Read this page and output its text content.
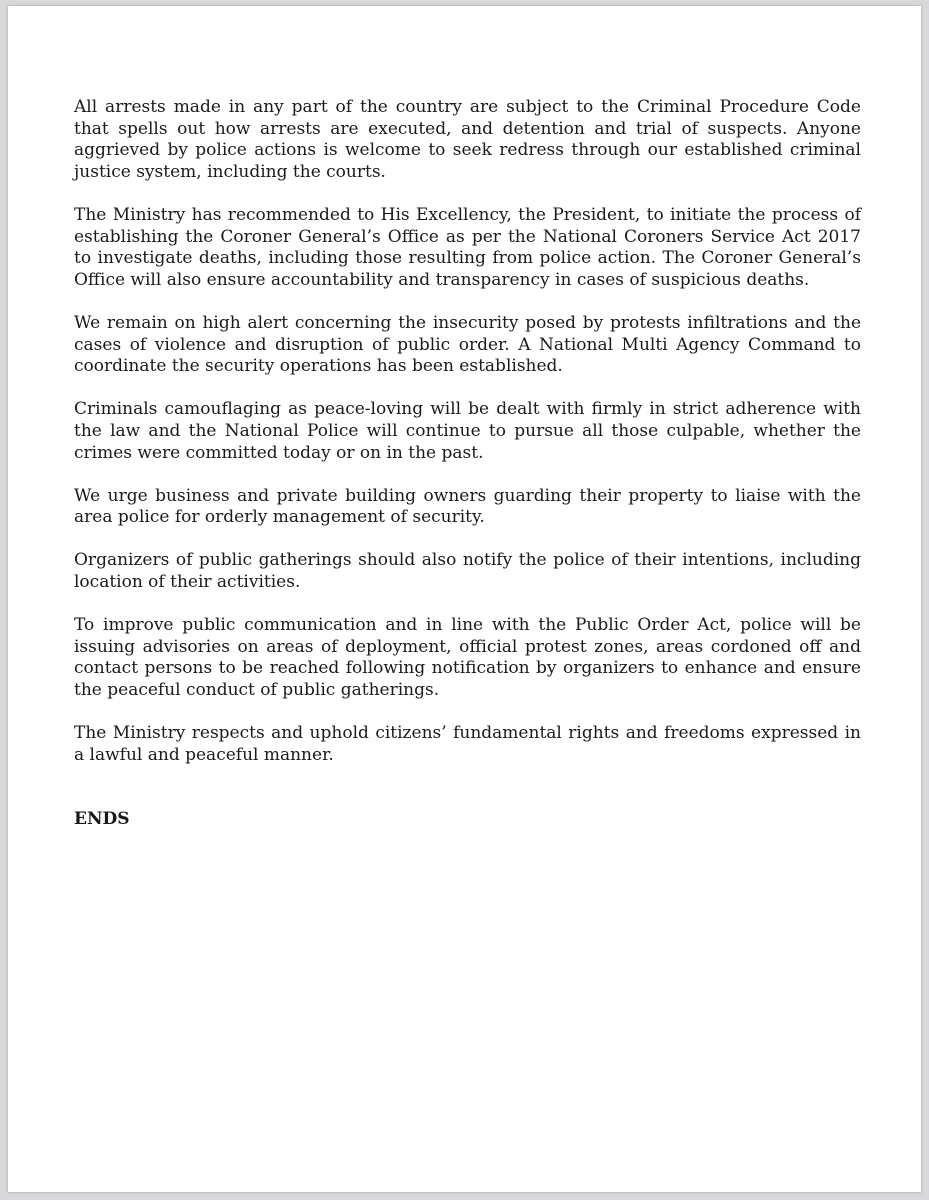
All arrests made in any part of the country are subject to the Criminal Procedure Code that spells out how arrests are executed, and detention and trial of suspects. Anyone aggrieved by police actions is welcome to seek redress through our established criminal justice system, including the courts.

The Ministry has recommended to His Excellency, the President, to initiate the process of establishing the Coroner General’s Office as per the National Coroners Service Act 2017 to investigate deaths, including those resulting from police action. The Coroner General’s Office will also ensure accountability and transparency in cases of suspicious deaths.

We remain on high alert concerning the insecurity posed by protests infiltrations and the cases of violence and disruption of public order. A National Multi Agency Command to coordinate the security operations has been established.

Criminals camouflaging as peace-loving will be dealt with firmly in strict adherence with the law and the National Police will continue to pursue all those culpable, whether the crimes were committed today or on in the past.

We urge business and private building owners guarding their property to liaise with the area police for orderly management of security.

Organizers of public gatherings should also notify the police of their intentions, including location of their activities.

To improve public communication and in line with the Public Order Act, police will be issuing advisories on areas of deployment, official protest zones, areas cordoned off and contact persons to be reached following notification by organizers to enhance and ensure the peaceful conduct of public gatherings.

The Ministry respects and uphold citizens’ fundamental rights and freedoms expressed in a lawful and peaceful manner.

ENDS
